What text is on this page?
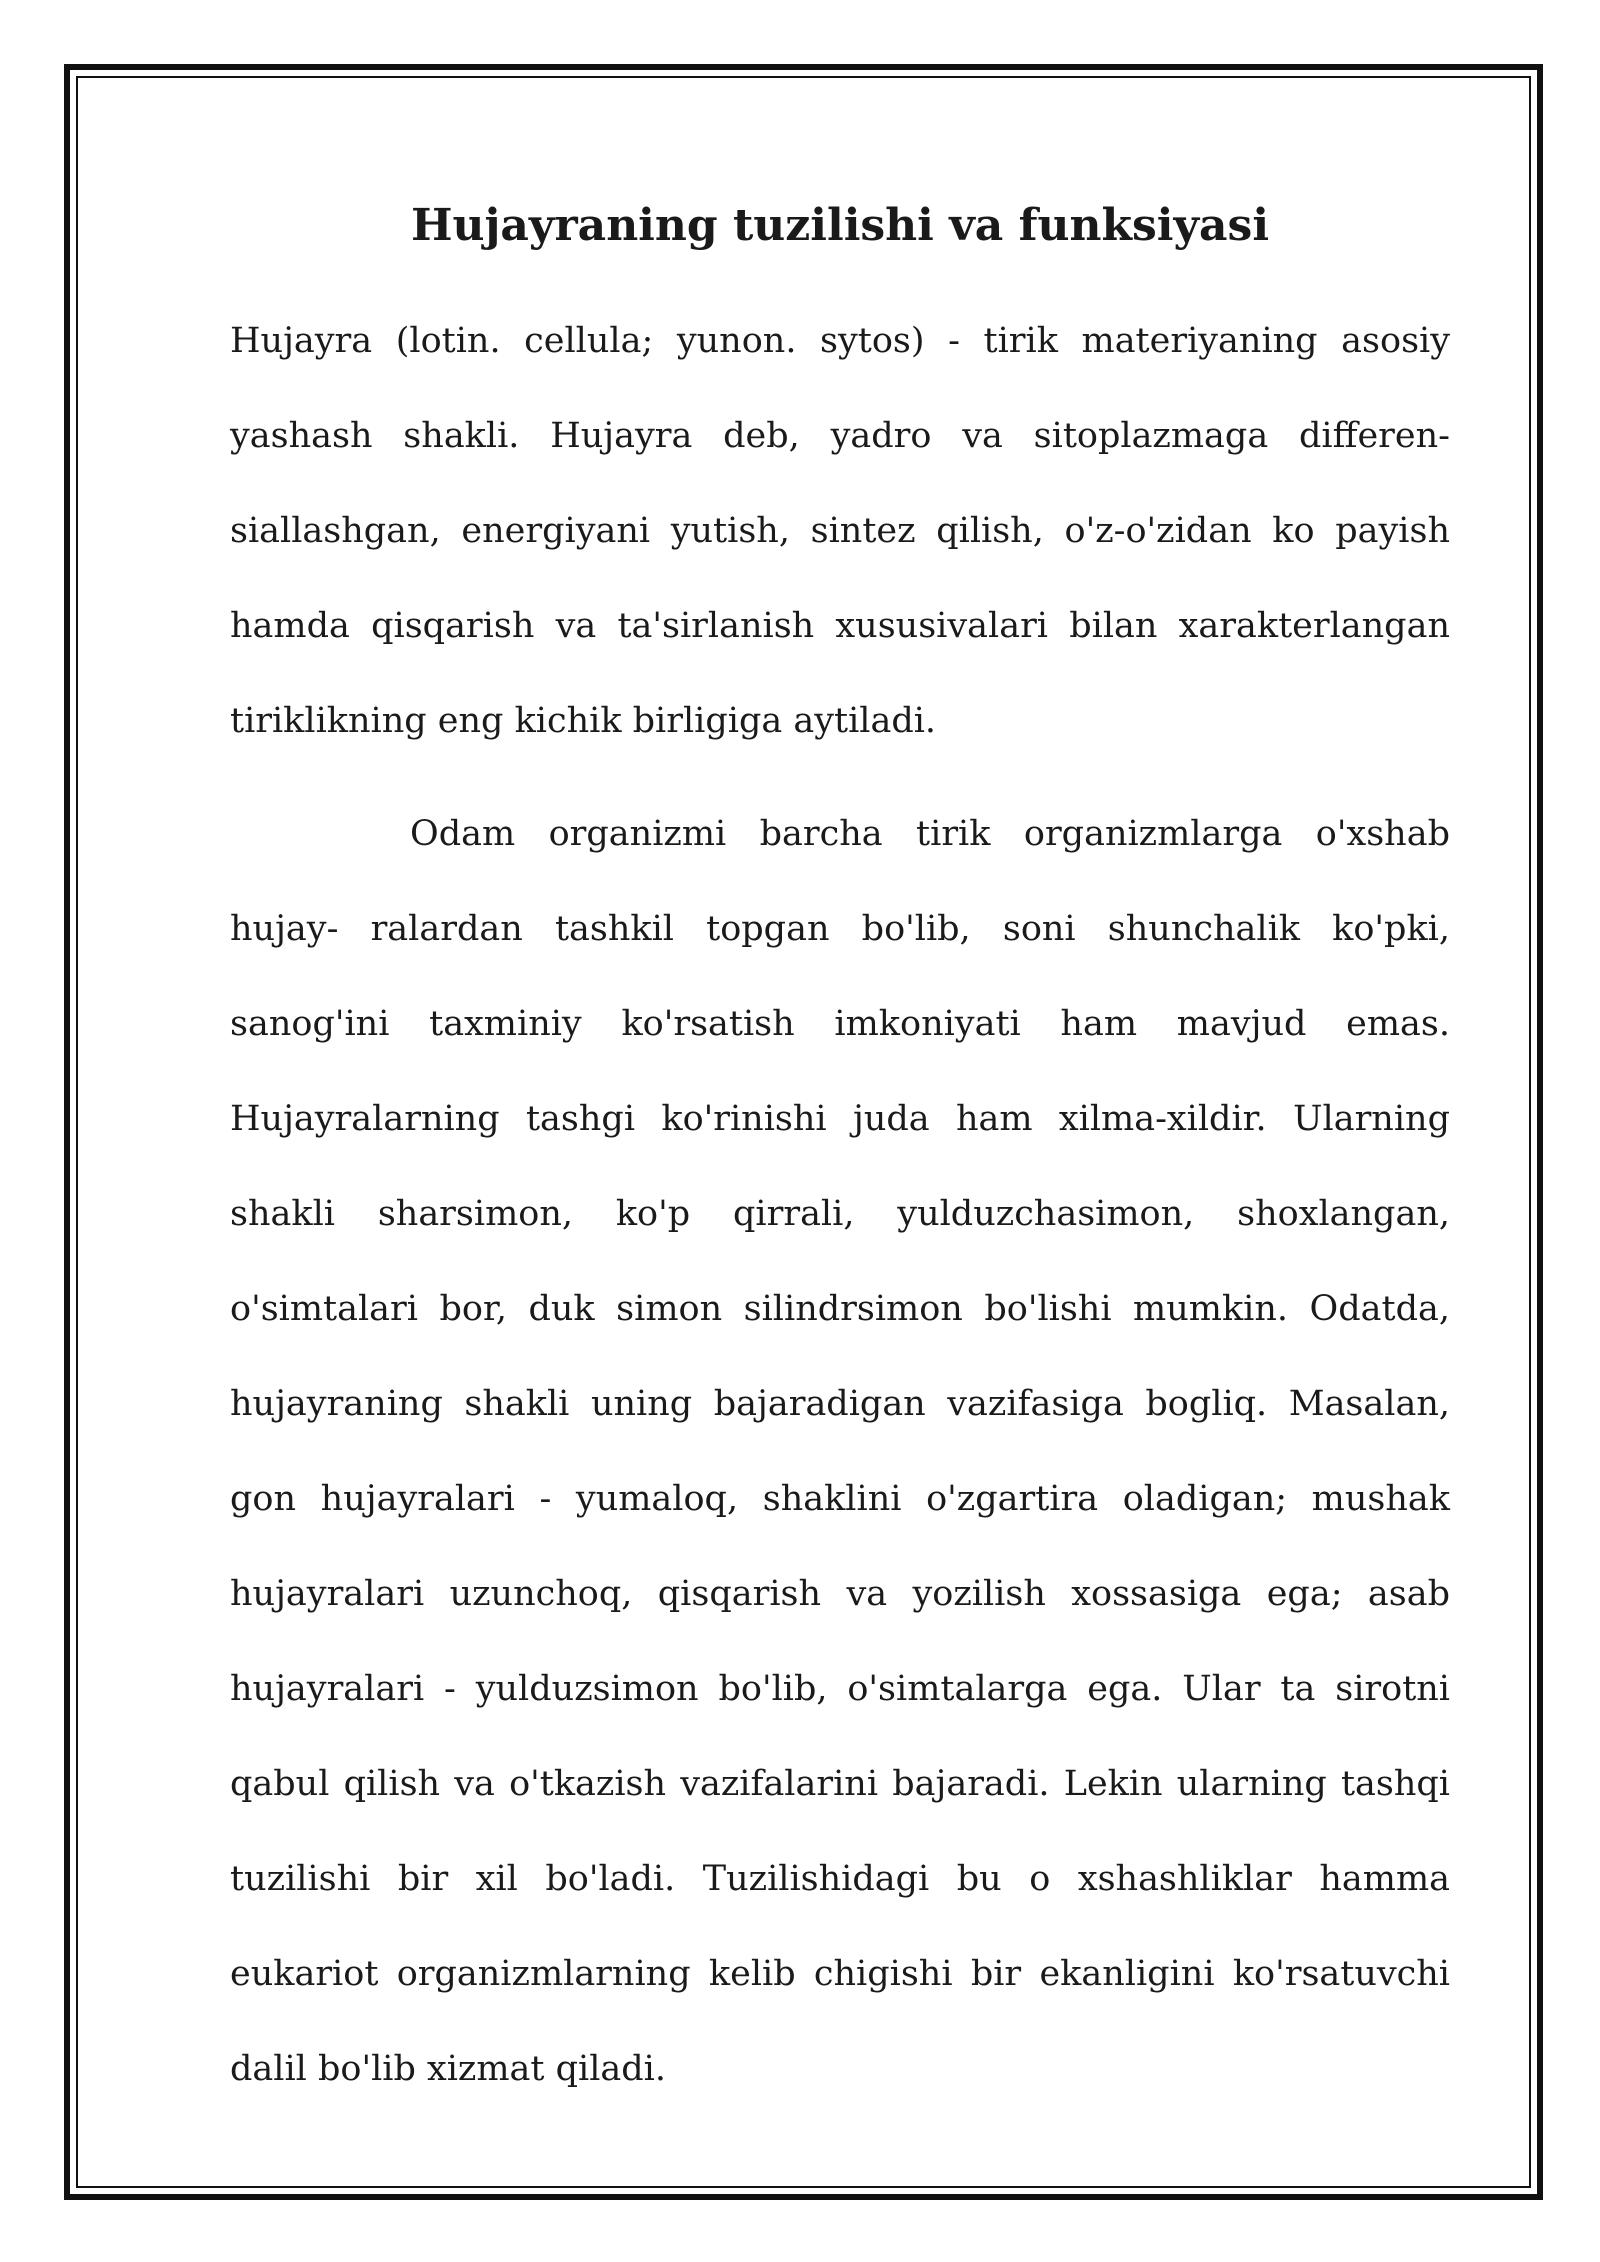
Hujayraning tuzilishi va funksiyasi

Hujayra (lotin. cellula; yunon. sytos) - tirik materiyaning asosiy yashash shakli. Hujayra deb, yadro va sitoplazmaga differen- siallashgan, energiyani yutish, sintez qilish, o'z-o'zidan ko payish hamda qisqarish va ta'sirlanish xususivalari bilan xarakterlangan tiriklikning eng kichik birligiga aytiladi.

Odam organizmi barcha tirik organizmlarga o'xshab hujay- ralardan tashkil topgan bo'lib, soni shunchalik ko'pki, sanog'ini taxminiy ko'rsatish imkoniyati ham mavjud emas. Hujayralarning tashgi ko'rinishi juda ham xilma-xildir. Ularning shakli sharsimon, ko'p qirrali, yulduzchasimon, shoxlangan, o'simtalari bor, duk simon silindrsimon bo'lishi mumkin. Odatda, hujayraning shakli uning bajaradigan vazifasiga bogliq. Masalan, gon hujayralari - yumaloq, shaklini o'zgartira oladigan; mushak hujayralari uzunchoq, qisqarish va yozilish xossasiga ega; asab hujayralari - yulduzsimon bo'lib, o'simtalarga ega. Ular ta sirotni qabul qilish va o'tkazish vazifalarini bajaradi. Lekin ularning tashqi tuzilishi bir xil bo'ladi. Tuzilishidagi bu o xshashliklar hamma eukariot organizmlarning kelib chigishi bir ekanligini ko'rsatuvchi dalil bo'lib xizmat qiladi.
